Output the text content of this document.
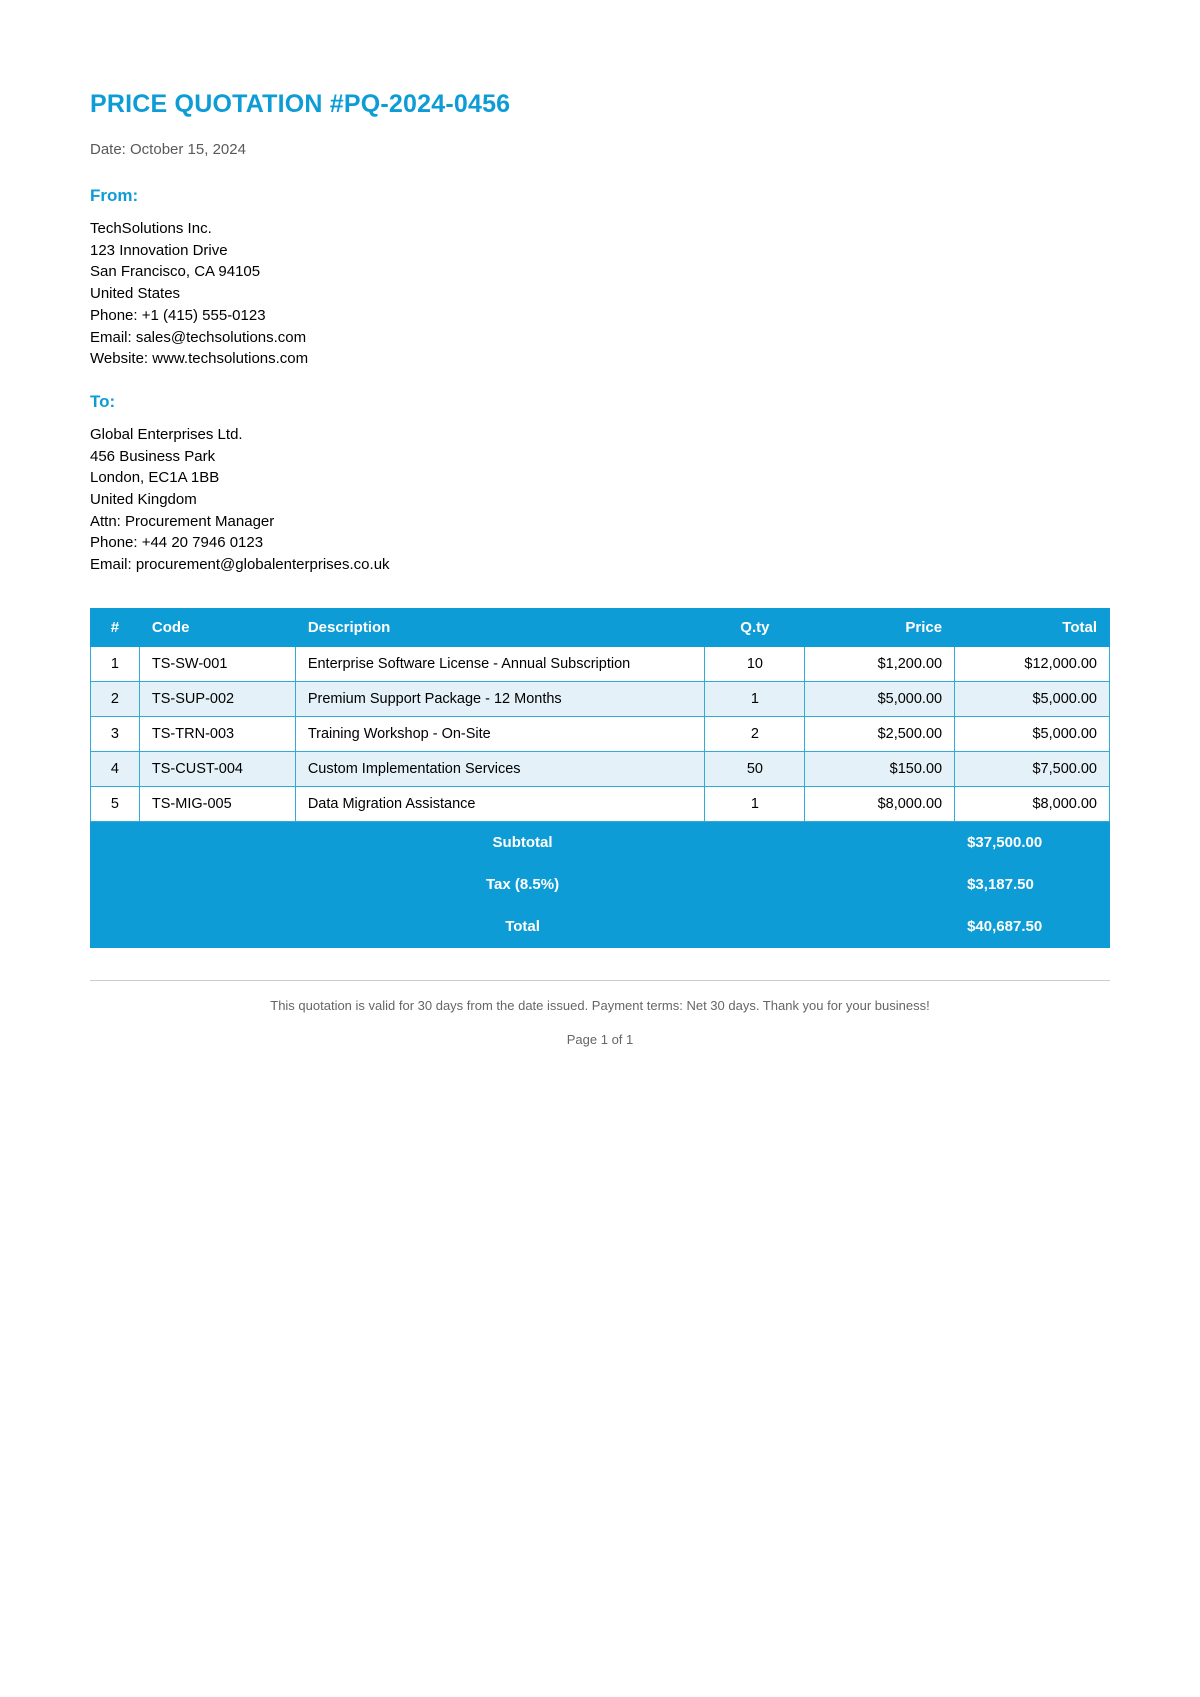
PRICE QUOTATION #PQ-2024-0456
Date: October 15, 2024
From:
TechSolutions Inc.
123 Innovation Drive
San Francisco, CA 94105
United States
Phone: +1 (415) 555-0123
Email: sales@techsolutions.com
Website: www.techsolutions.com
To:
Global Enterprises Ltd.
456 Business Park
London, EC1A 1BB
United Kingdom
Attn: Procurement Manager
Phone: +44 20 7946 0123
Email: procurement@globalenterprises.co.uk
#	Code	Description	Q.ty	Price	Total
1	TS-SW-001	Enterprise Software License - Annual Subscription	10	$1,200.00	$12,000.00
2	TS-SUP-002	Premium Support Package - 12 Months	1	$5,000.00	$5,000.00
3	TS-TRN-003	Training Workshop - On-Site	2	$2,500.00	$5,000.00
4	TS-CUST-004	Custom Implementation Services	50	$150.00	$7,500.00
5	TS-MIG-005	Data Migration Assistance	1	$8,000.00	$8,000.00
Subtotal					$37,500.00
Tax (8.5%)					$3,187.50
Total					$40,687.50
This quotation is valid for 30 days from the date issued. Payment terms: Net 30 days. Thank you for your business!
Page 1 of 1
